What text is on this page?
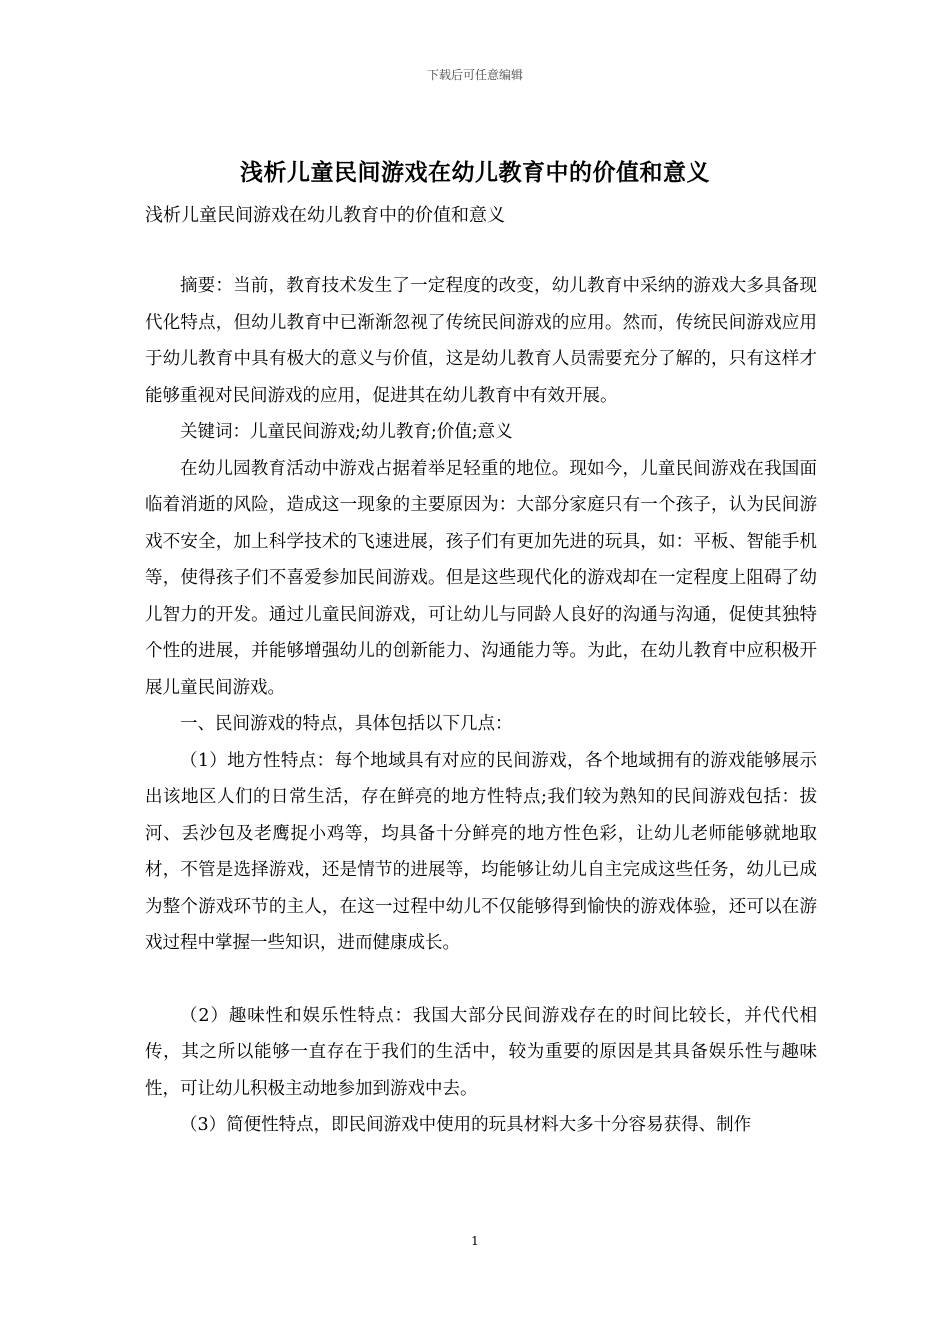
下载后可任意编辑
浅析儿童民间游戏在幼儿教育中的价值和意义
浅析儿童民间游戏在幼儿教育中的价值和意义

摘要：当前，教育技术发生了一定程度的改变，幼儿教育中采纳的游戏大多具备现代化特点，但幼儿教育中已渐渐忽视了传统民间游戏的应用。然而，传统民间游戏应用于幼儿教育中具有极大的意义与价值，这是幼儿教育人员需要充分了解的，只有这样才能够重视对民间游戏的应用，促进其在幼儿教育中有效开展。

关键词：儿童民间游戏;幼儿教育;价值;意义

在幼儿园教育活动中游戏占据着举足轻重的地位。现如今，儿童民间游戏在我国面临着消逝的风险，造成这一现象的主要原因为：大部分家庭只有一个孩子，认为民间游戏不安全，加上科学技术的飞速进展，孩子们有更加先进的玩具，如：平板、智能手机等，使得孩子们不喜爱参加民间游戏。但是这些现代化的游戏却在一定程度上阻碍了幼儿智力的开发。通过儿童民间游戏，可让幼儿与同龄人良好的沟通与沟通，促使其独特个性的进展，并能够增强幼儿的创新能力、沟通能力等。为此，在幼儿教育中应积极开展儿童民间游戏。

一、民间游戏的特点，具体包括以下几点：

（1）地方性特点：每个地域具有对应的民间游戏，各个地域拥有的游戏能够展示出该地区人们的日常生活，存在鲜亮的地方性特点;我们较为熟知的民间游戏包括：拔河、丢沙包及老鹰捉小鸡等，均具备十分鲜亮的地方性色彩，让幼儿老师能够就地取材，不管是选择游戏，还是情节的进展等，均能够让幼儿自主完成这些任务，幼儿已成为整个游戏环节的主人，在这一过程中幼儿不仅能够得到愉快的游戏体验，还可以在游戏过程中掌握一些知识，进而健康成长。

（2）趣味性和娱乐性特点：我国大部分民间游戏存在的时间比较长，并代代相传，其之所以能够一直存在于我们的生活中，较为重要的原因是其具备娱乐性与趣味性，可让幼儿积极主动地参加到游戏中去。

（3）简便性特点，即民间游戏中使用的玩具材料大多十分容易获得、制作

1
